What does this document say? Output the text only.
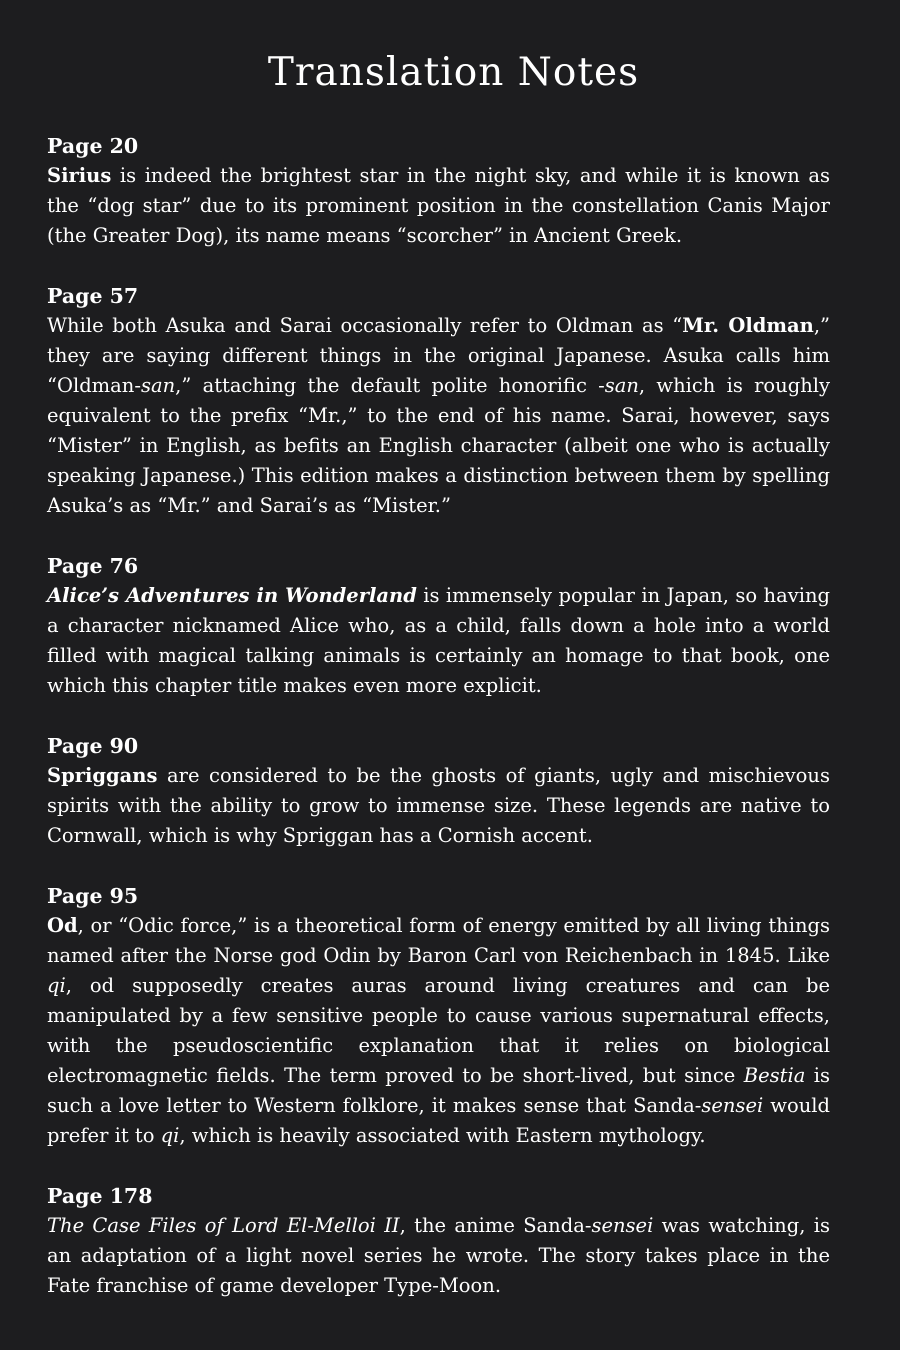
Translation Notes

Page 20

Sirius is indeed the brightest star in the night sky, and while it is known as the “dog star” due to its prominent position in the constellation Canis Major (the Greater Dog), its name means “scorcher” in Ancient Greek.

Page 57

While both Asuka and Sarai occasionally refer to Oldman as “Mr. Oldman,” they are saying different things in the original Japanese. Asuka calls him “Oldman-san,” attaching the default polite honorific -san, which is roughly equivalent to the prefix “Mr.,” to the end of his name. Sarai, however, says “Mister” in English, as befits an English character (albeit one who is actually speaking Japanese.) This edition makes a distinction between them by spelling Asuka’s as “Mr.” and Sarai’s as “Mister.”

Page 76

Alice’s Adventures in Wonderland is immensely popular in Japan, so having a character nicknamed Alice who, as a child, falls down a hole into a world filled with magical talking animals is certainly an homage to that book, one which this chapter title makes even more explicit.

Page 90

Spriggans are considered to be the ghosts of giants, ugly and mischievous spirits with the ability to grow to immense size. These legends are native to Cornwall, which is why Spriggan has a Cornish accent.

Page 95

Od, or “Odic force,” is a theoretical form of energy emitted by all living things named after the Norse god Odin by Baron Carl von Reichenbach in 1845. Like qi, od supposedly creates auras around living creatures and can be manipulated by a few sensitive people to cause various supernatural effects, with the pseudoscientific explanation that it relies on biological electromagnetic fields. The term proved to be short-lived, but since Bestia is such a love letter to Western folklore, it makes sense that Sanda-sensei would prefer it to qi, which is heavily associated with Eastern mythology.

Page 178

The Case Files of Lord El-Melloi II, the anime Sanda-sensei was watching, is an adaptation of a light novel series he wrote. The story takes place in the Fate franchise of game developer Type-Moon.
